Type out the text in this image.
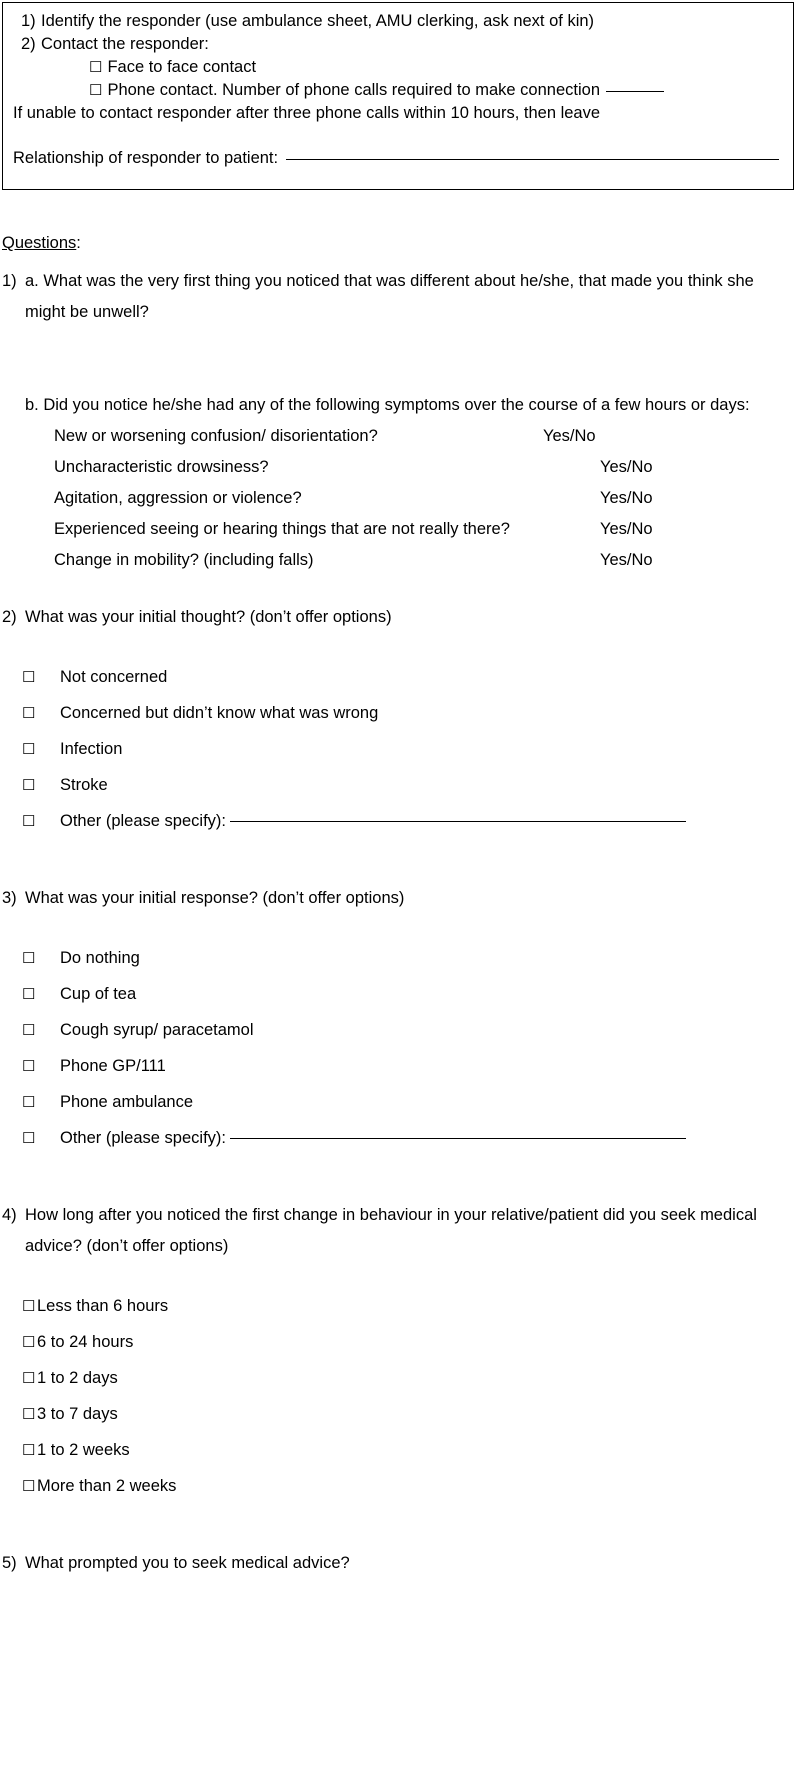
1) Identify the responder (use ambulance sheet, AMU clerking, ask next of kin)
2) Contact the responder:
☐ Face to face contact
☐ Phone contact. Number of phone calls required to make connection
If unable to contact responder after three phone calls within 10 hours, then leave
Relationship of responder to patient:
Questions:
1) a. What was the very first thing you noticed that was different about he/she, that made you think she might be unwell?
b. Did you notice he/she had any of the following symptoms over the course of a few hours or days:

New or worsening confusion/ disorientation?

	Yes/No

Uncharacteristic drowsiness?

	Yes/No

Agitation, aggression or violence?

	Yes/No

Experienced seeing or hearing things that are not really there?

	Yes/No

Change in mobility? (including falls)

	Yes/No

2) What was your initial thought? (don’t offer options)
☐	Not concerned
☐	Concerned but didn’t know what was wrong
☐	Infection
☐	Stroke
☐	Other (please specify):
3) What was your initial response? (don’t offer options)
☐	Do nothing
☐	Cup of tea
☐	Cough syrup/ paracetamol
☐	Phone GP/111
☐	Phone ambulance
☐	Other (please specify):
4) How long after you noticed the first change in behaviour in your relative/patient did you seek medical advice? (don’t offer options)
☐ Less than 6 hours
☐ 6 to 24 hours
☐ 1 to 2 days
☐ 3 to 7 days
☐ 1 to 2 weeks
☐ More than 2 weeks
5) What prompted you to seek medical advice?
